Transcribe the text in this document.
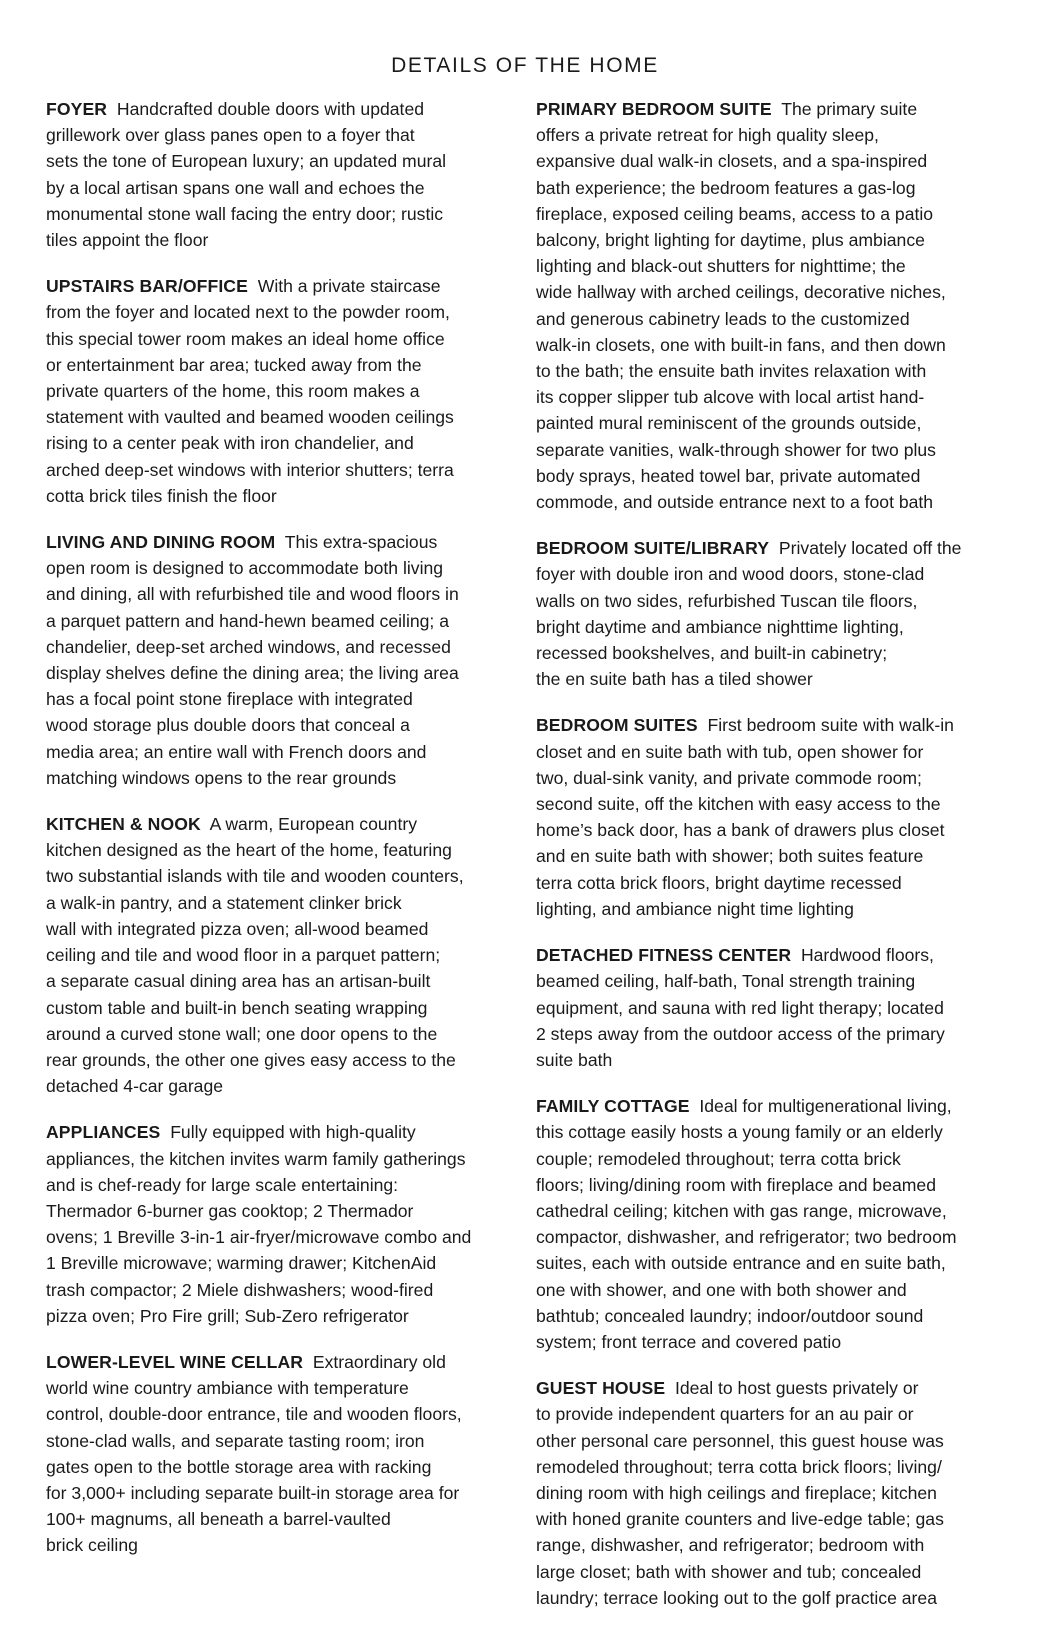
DETAILS OF THE HOME

FOYER Handcrafted double doors with updated
grillework over glass panes open to a foyer that
sets the tone of European luxury; an updated mural
by a local artisan spans one wall and echoes the
monumental stone wall facing the entry door; rustic
tiles appoint the floor

UPSTAIRS BAR/OFFICE With a private staircase
from the foyer and located next to the powder room,
this special tower room makes an ideal home office
or entertainment bar area; tucked away from the
private quarters of the home, this room makes a
statement with vaulted and beamed wooden ceilings
rising to a center peak with iron chandelier, and
arched deep-set windows with interior shutters; terra
cotta brick tiles finish the floor

LIVING AND DINING ROOM This extra-spacious
open room is designed to accommodate both living
and dining, all with refurbished tile and wood floors in
a parquet pattern and hand-hewn beamed ceiling; a
chandelier, deep-set arched windows, and recessed
display shelves define the dining area; the living area
has a focal point stone fireplace with integrated
wood storage plus double doors that conceal a
media area; an entire wall with French doors and
matching windows opens to the rear grounds

KITCHEN & NOOK A warm, European country
kitchen designed as the heart of the home, featuring
two substantial islands with tile and wooden counters,
a walk-in pantry, and a statement clinker brick
wall with integrated pizza oven; all-wood beamed
ceiling and tile and wood floor in a parquet pattern;
a separate casual dining area has an artisan-built
custom table and built-in bench seating wrapping
around a curved stone wall; one door opens to the
rear grounds, the other one gives easy access to the
detached 4-car garage

APPLIANCES Fully equipped with high-quality
appliances, the kitchen invites warm family gatherings
and is chef-ready for large scale entertaining:
Thermador 6-burner gas cooktop; 2 Thermador
ovens; 1 Breville 3-in-1 air-fryer/microwave combo and
1 Breville microwave; warming drawer; KitchenAid
trash compactor; 2 Miele dishwashers; wood-fired
pizza oven; Pro Fire grill; Sub-Zero refrigerator

LOWER-LEVEL WINE CELLAR Extraordinary old
world wine country ambiance with temperature
control, double-door entrance, tile and wooden floors,
stone-clad walls, and separate tasting room; iron
gates open to the bottle storage area with racking
for 3,000+ including separate built-in storage area for
100+ magnums, all beneath a barrel-vaulted
brick ceiling

PRIMARY BEDROOM SUITE The primary suite
offers a private retreat for high quality sleep,
expansive dual walk-in closets, and a spa-inspired
bath experience; the bedroom features a gas-log
fireplace, exposed ceiling beams, access to a patio
balcony, bright lighting for daytime, plus ambiance
lighting and black-out shutters for nighttime; the
wide hallway with arched ceilings, decorative niches,
and generous cabinetry leads to the customized
walk-in closets, one with built-in fans, and then down
to the bath; the ensuite bath invites relaxation with
its copper slipper tub alcove with local artist hand-
painted mural reminiscent of the grounds outside,
separate vanities, walk-through shower for two plus
body sprays, heated towel bar, private automated
commode, and outside entrance next to a foot bath

BEDROOM SUITE/LIBRARY Privately located off the
foyer with double iron and wood doors, stone-clad
walls on two sides, refurbished Tuscan tile floors,
bright daytime and ambiance nighttime lighting,
recessed bookshelves, and built-in cabinetry;
the en suite bath has a tiled shower

BEDROOM SUITES First bedroom suite with walk-in
closet and en suite bath with tub, open shower for
two, dual-sink vanity, and private commode room;
second suite, off the kitchen with easy access to the
home’s back door, has a bank of drawers plus closet
and en suite bath with shower; both suites feature
terra cotta brick floors, bright daytime recessed
lighting, and ambiance night time lighting

DETACHED FITNESS CENTER Hardwood floors,
beamed ceiling, half-bath, Tonal strength training
equipment, and sauna with red light therapy; located
2 steps away from the outdoor access of the primary
suite bath

FAMILY COTTAGE Ideal for multigenerational living,
this cottage easily hosts a young family or an elderly
couple; remodeled throughout; terra cotta brick
floors; living/dining room with fireplace and beamed
cathedral ceiling; kitchen with gas range, microwave,
compactor, dishwasher, and refrigerator; two bedroom
suites, each with outside entrance and en suite bath,
one with shower, and one with both shower and
bathtub; concealed laundry; indoor/outdoor sound
system; front terrace and covered patio

GUEST HOUSE Ideal to host guests privately or
to provide independent quarters for an au pair or
other personal care personnel, this guest house was
remodeled throughout; terra cotta brick floors; living/
dining room with high ceilings and fireplace; kitchen
with honed granite counters and live-edge table; gas
range, dishwasher, and refrigerator; bedroom with
large closet; bath with shower and tub; concealed
laundry; terrace looking out to the golf practice area
